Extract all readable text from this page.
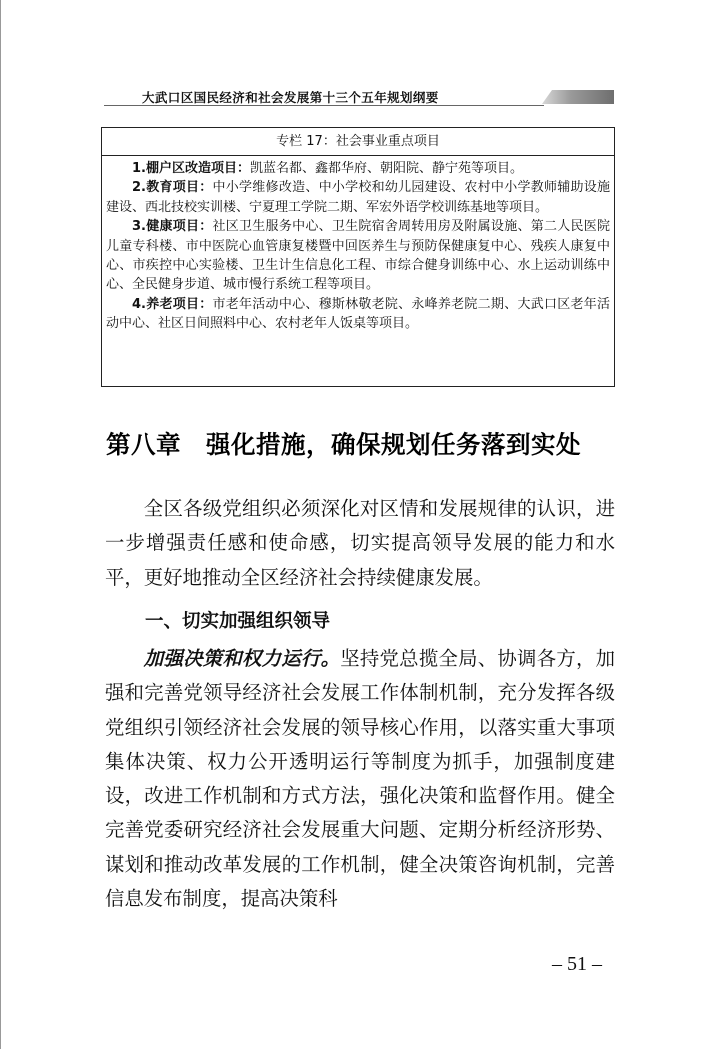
大武口区国民经济和社会发展第十三个五年规划纲要
专栏 17：社会事业重点项目

1.棚户区改造项目：凯蓝名都、鑫都华府、朝阳院、静宁苑等项目。

2.教育项目：中小学维修改造、中小学校和幼儿园建设、农村中小学教师辅助设施建设、西北技校实训楼、宁夏理工学院二期、军宏外语学校训练基地等项目。

3.健康项目：社区卫生服务中心、卫生院宿舍周转用房及附属设施、第二人民医院儿童专科楼、市中医院心血管康复楼暨中回医养生与预防保健康复中心、残疾人康复中心、市疾控中心实验楼、卫生计生信息化工程、市综合健身训练中心、水上运动训练中心、全民健身步道、城市慢行系统工程等项目。

4.养老项目：市老年活动中心、穆斯林敬老院、永峰养老院二期、大武口区老年活动中心、社区日间照料中心、农村老年人饭桌等项目。

第八章　强化措施，确保规划任务落到实处

全区各级党组织必须深化对区情和发展规律的认识，进一步增强责任感和使命感，切实提高领导发展的能力和水平，更好地推动全区经济社会持续健康发展。

一、切实加强组织领导

加强决策和权力运行。坚持党总揽全局、协调各方，加强和完善党领导经济社会发展工作体制机制，充分发挥各级党组织引领经济社会发展的领导核心作用，以落实重大事项集体决策、权力公开透明运行等制度为抓手，加强制度建设，改进工作机制和方式方法，强化决策和监督作用。健全完善党委研究经济社会发展重大问题、定期分析经济形势、谋划和推动改革发展的工作机制，健全决策咨询机制，完善信息发布制度，提高决策科

– 51 –
